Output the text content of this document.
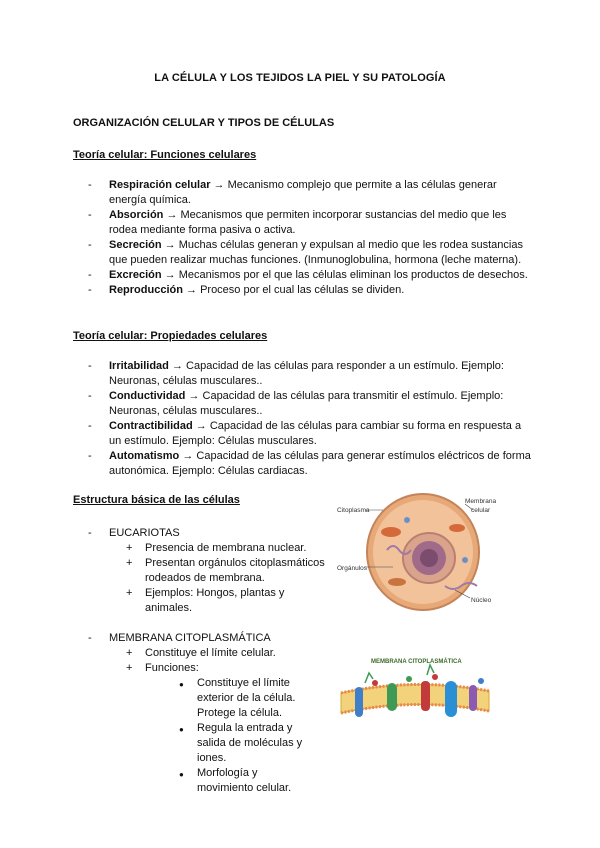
LA CÉLULA Y LOS TEJIDOS LA PIEL Y SU PATOLOGÍA
ORGANIZACIÓN CELULAR Y TIPOS DE CÉLULAS
Teoría celular: Funciones celulares
- Respiración celular → Mecanismo complejo que permite a las células generar energía química.
- Absorción → Mecanismos que permiten incorporar sustancias del medio que les rodea mediante forma pasiva o activa.
- Secreción → Muchas células generan y expulsan al medio que les rodea sustancias que pueden realizar muchas funciones. (Inmunoglobulina, hormona (leche materna).
- Excreción → Mecanismos por el que las células eliminan los productos de desechos.
- Reproducción → Proceso por el cual las células se dividen.
Teoría celular: Propiedades celulares
- Irritabilidad → Capacidad de las células para responder a un estímulo. Ejemplo: Neuronas, células musculares..
- Conductividad → Capacidad de las células para transmitir el estímulo. Ejemplo: Neuronas, células musculares..
- Contractibilidad → Capacidad de las células para cambiar su forma en respuesta a un estímulo. Ejemplo: Células musculares.
- Automatismo → Capacidad de las células para generar estímulos eléctricos de forma autonómica. Ejemplo: Células cardiacas.
Estructura básica de las células
- EUCARIOTAS
+ Presencia de membrana nuclear.
+ Presentan orgánulos citoplasmáticos rodeados de membrana.
+ Ejemplos: Hongos, plantas y animales.
- MEMBRANA CITOPLASMÁTICA
+ Constituye el límite celular.
+ Funciones:
● Constituye el límite exterior de la célula. Protege la célula.
● Regula la entrada y salida de moléculas y iones.
● Morfología y movimiento celular.
Citoplasma
Membrana
celular
Orgánulos
Núcleo
MEMBRANA CITOPLASMÁTICA
